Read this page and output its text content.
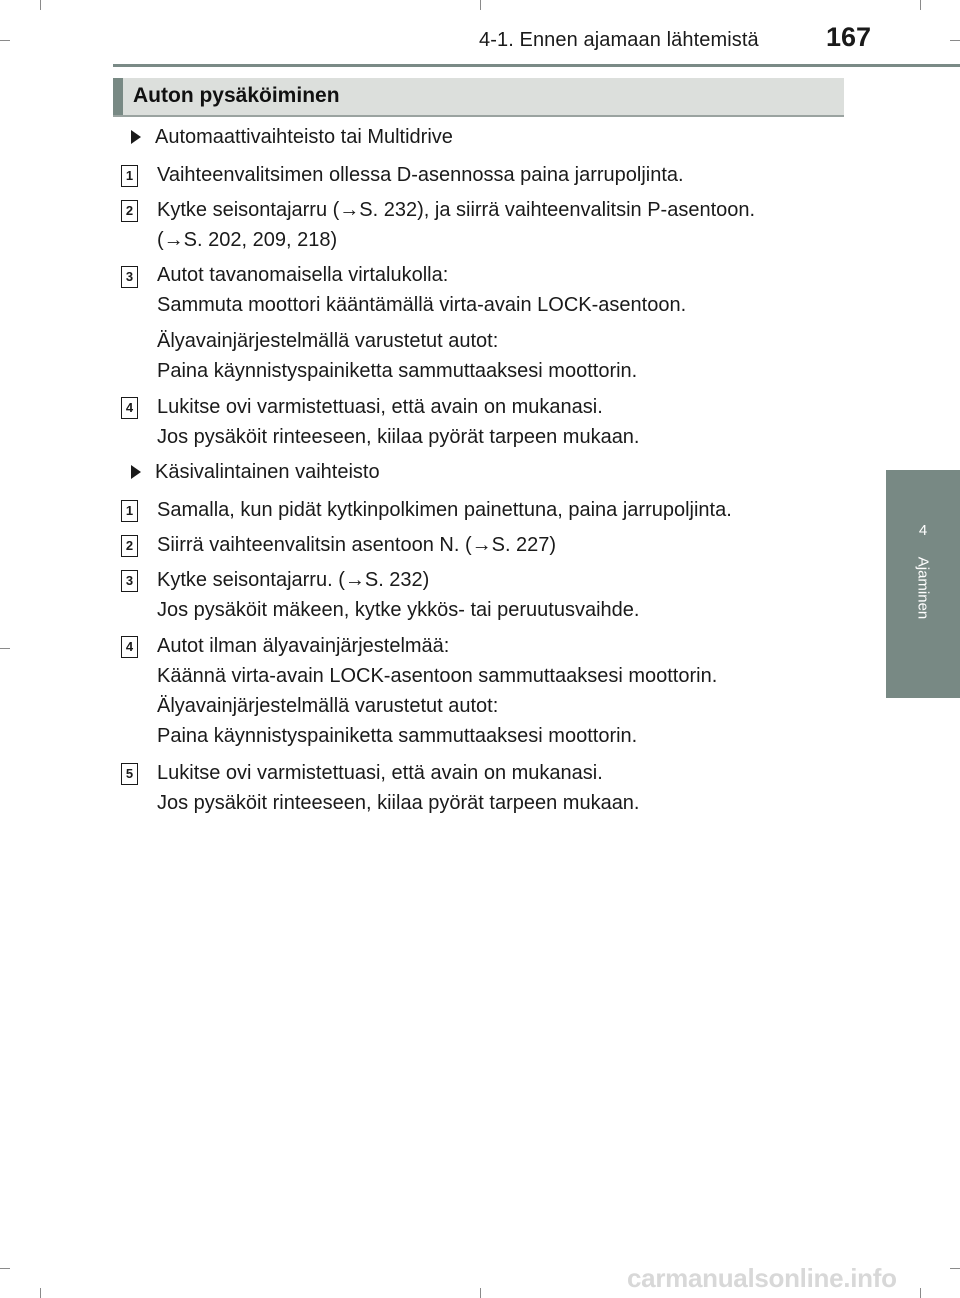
4-1. Ennen ajamaan lähtemistä 167
4
Ajaminen
Auton pysäköiminen
Automaattivaihteisto tai Multidrive
1 Vaihteenvalitsimen ollessa D-asennossa paina jarrupoljinta.

2 Kytke seisontajarru (→S. 232), ja siirrä vaihteenvalitsin P-asentoon.

(→S. 202, 209, 218)

3 Autot tavanomaisella virtalukolla:

Sammuta moottori kääntämällä virta-avain LOCK-asentoon.

Älyavainjärjestelmällä varustetut autot:

Paina käynnistyspainiketta sammuttaaksesi moottorin.

4 Lukitse ovi varmistettuasi, että avain on mukanasi.

Jos pysäköit rinteeseen, kiilaa pyörät tarpeen mukaan.

Käsivalintainen vaihteisto
1 Samalla, kun pidät kytkinpolkimen painettuna, paina jarrupoljinta.

2 Siirrä vaihteenvalitsin asentoon N. (→S. 227)

3 Kytke seisontajarru. (→S. 232)

Jos pysäköit mäkeen, kytke ykkös- tai peruutusvaihde.

4 Autot ilman älyavainjärjestelmää:

Käännä virta-avain LOCK-asentoon sammuttaaksesi moottorin.

Älyavainjärjestelmällä varustetut autot:

Paina käynnistyspainiketta sammuttaaksesi moottorin.

5 Lukitse ovi varmistettuasi, että avain on mukanasi.

Jos pysäköit rinteeseen, kiilaa pyörät tarpeen mukaan.

carmanualsonline.info
